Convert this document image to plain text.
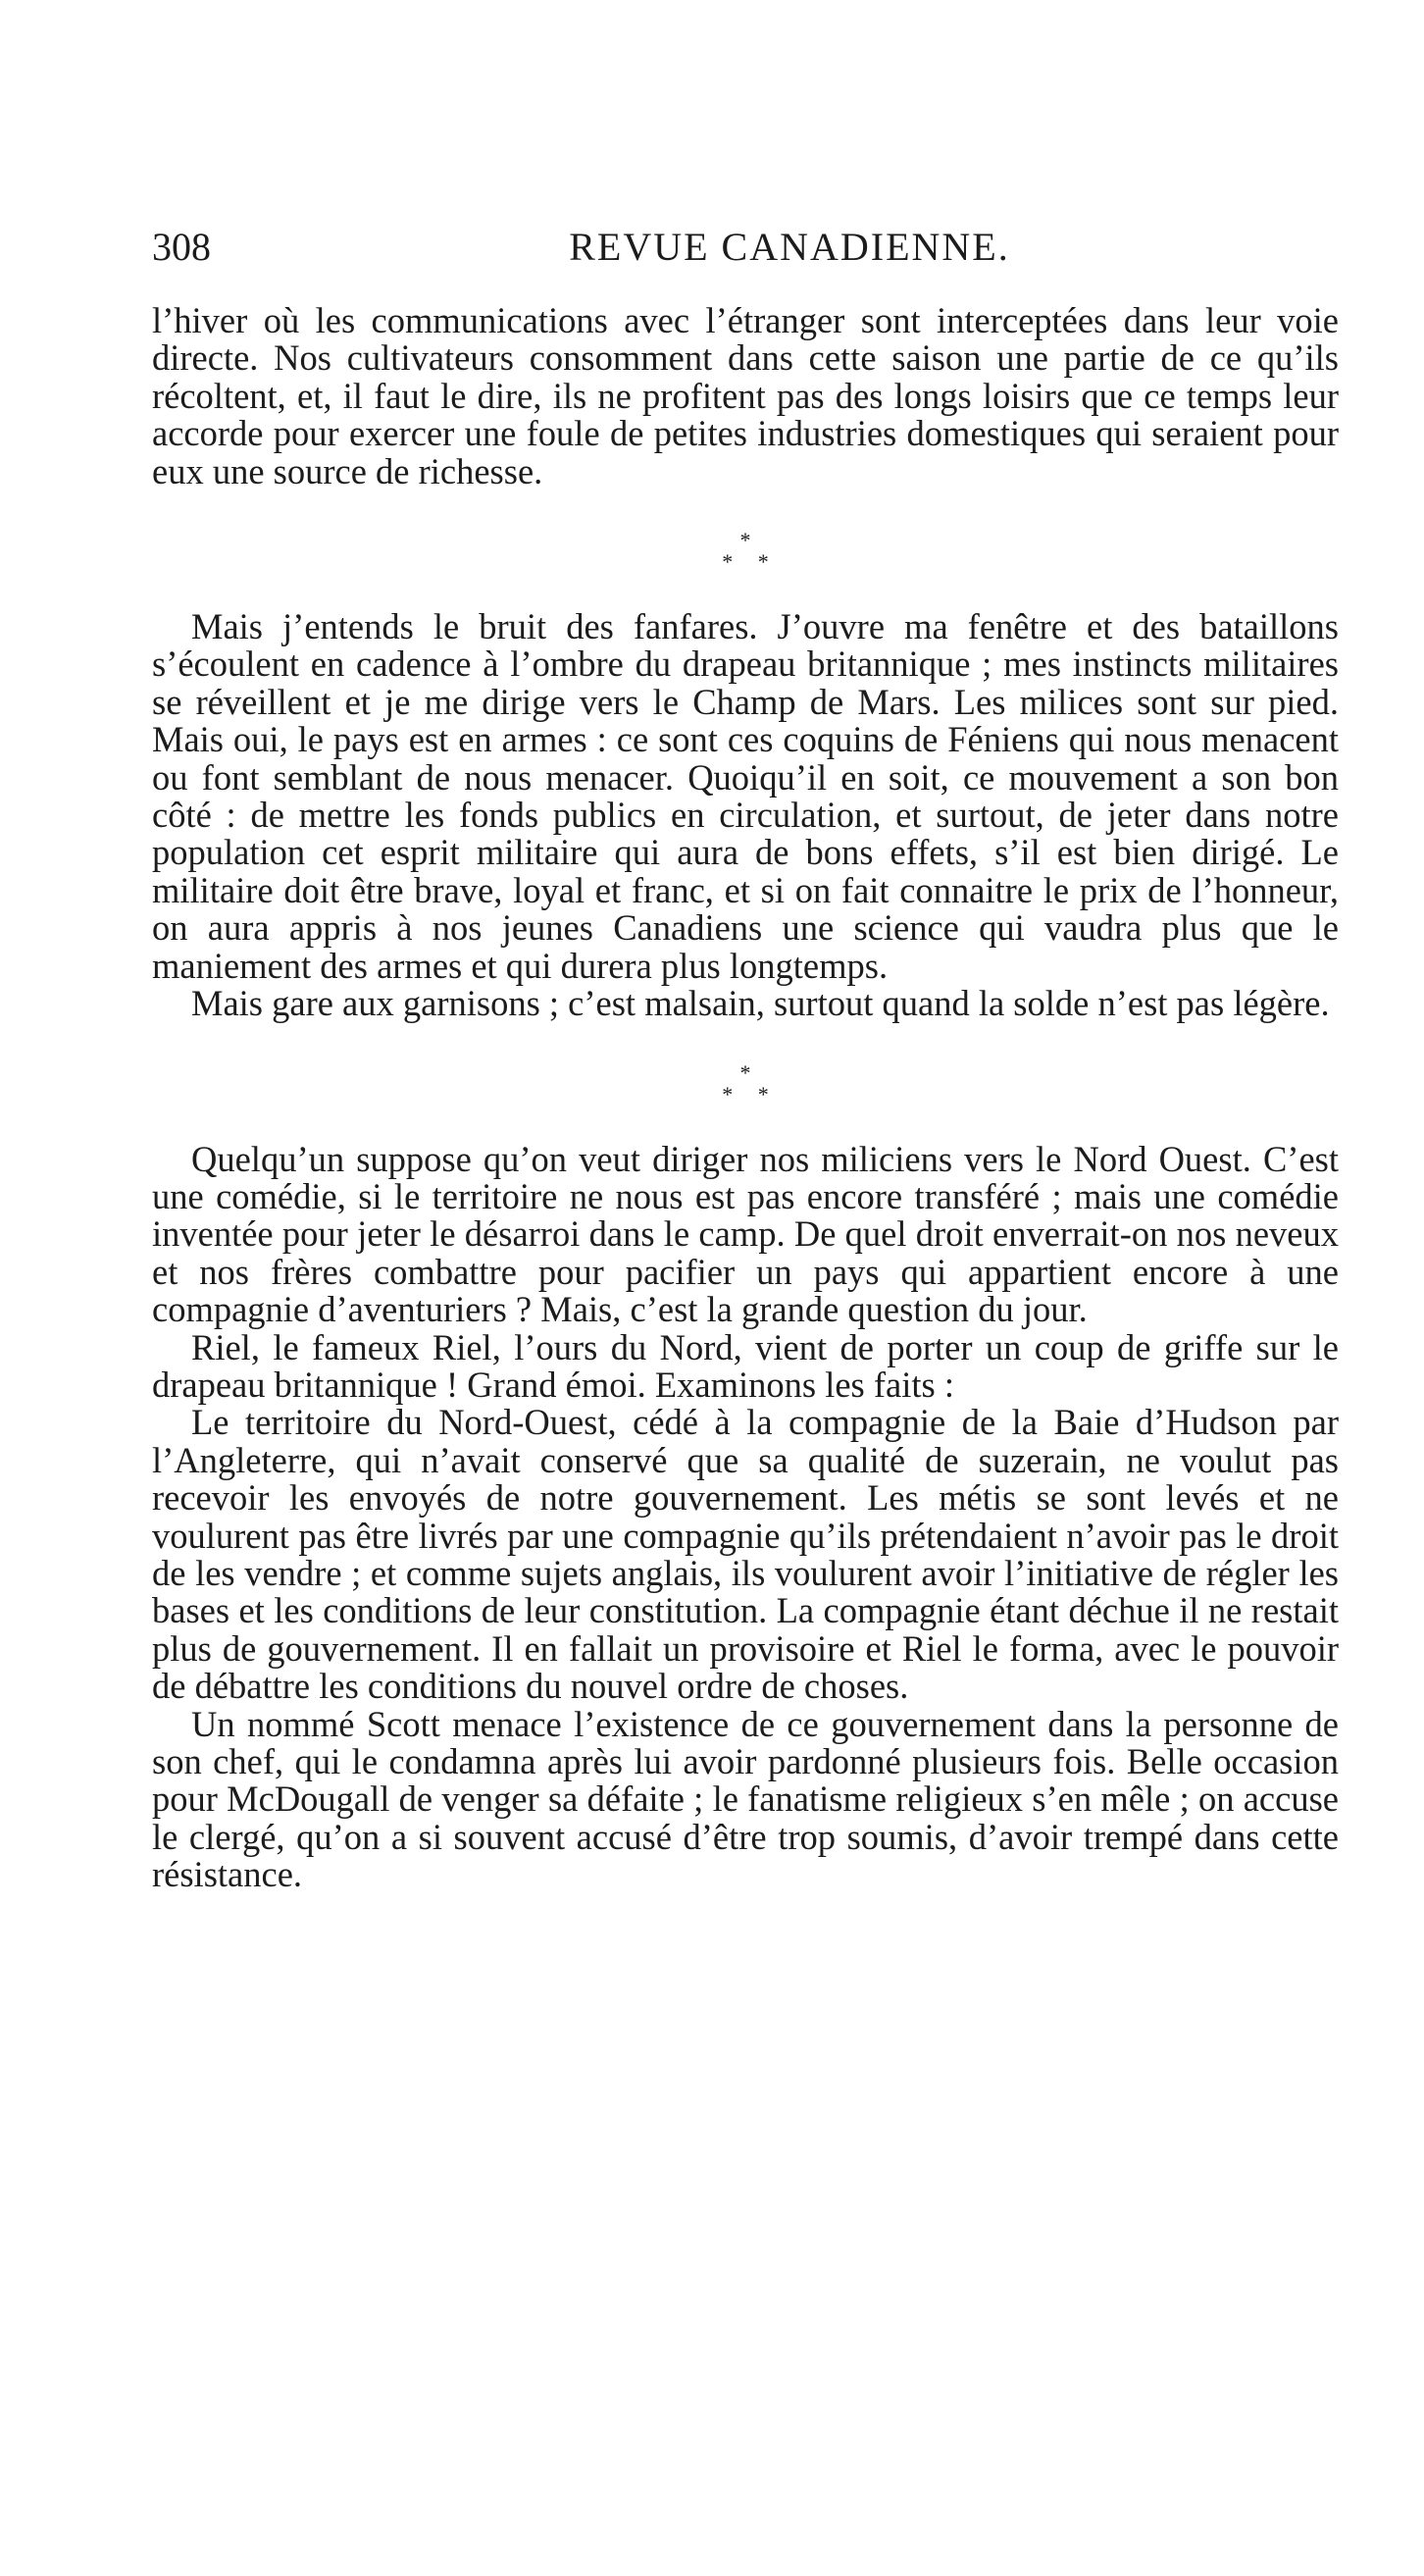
308	REVUE CANADIENNE.

l’hiver où les communications avec l’étranger sont interceptées dans leur voie directe. Nos cultivateurs consomment dans cette saison une partie de ce qu’ils récoltent, et, il faut le dire, ils ne profitent pas des longs loisirs que ce temps leur accorde pour exercer une foule de petites industries domestiques qui seraient pour eux une source de richesse.

*
* *

Mais j’entends le bruit des fanfares. J’ouvre ma fenêtre et des bataillons s’écoulent en cadence à l’ombre du drapeau britannique ; mes instincts militaires se réveillent et je me dirige vers le Champ de Mars. Les milices sont sur pied. Mais oui, le pays est en armes : ce sont ces coquins de Féniens qui nous menacent ou font semblant de nous menacer. Quoiqu’il en soit, ce mouvement a son bon côté : de mettre les fonds publics en circulation, et surtout, de jeter dans notre population cet esprit militaire qui aura de bons effets, s’il est bien dirigé. Le militaire doit être brave, loyal et franc, et si on fait connaitre le prix de l’honneur, on aura appris à nos jeunes Canadiens une science qui vaudra plus que le maniement des armes et qui durera plus longtemps.

Mais gare aux garnisons ; c’est malsain, surtout quand la solde n’est pas légère.

*
* *

Quelqu’un suppose qu’on veut diriger nos miliciens vers le Nord Ouest. C’est une comédie, si le territoire ne nous est pas encore transféré ; mais une comédie inventée pour jeter le désarroi dans le camp. De quel droit enverrait-on nos neveux et nos frères combattre pour pacifier un pays qui appartient encore à une compagnie d’aventuriers ? Mais, c’est la grande question du jour.

Riel, le fameux Riel, l’ours du Nord, vient de porter un coup de griffe sur le drapeau britannique ! Grand émoi. Examinons les faits :

Le territoire du Nord-Ouest, cédé à la compagnie de la Baie d’Hudson par l’Angleterre, qui n’avait conservé que sa qualité de suzerain, ne voulut pas recevoir les envoyés de notre gouvernement. Les métis se sont levés et ne voulurent pas être livrés par une compagnie qu’ils prétendaient n’avoir pas le droit de les vendre ; et comme sujets anglais, ils voulurent avoir l’initiative de régler les bases et les conditions de leur constitution. La compagnie étant déchue il ne restait plus de gouvernement. Il en fallait un provisoire et Riel le forma, avec le pouvoir de débattre les conditions du nouvel ordre de choses.

Un nommé Scott menace l’existence de ce gouvernement dans la personne de son chef, qui le condamna après lui avoir pardonné plusieurs fois. Belle occasion pour McDougall de venger sa défaite ; le fanatisme religieux s’en mêle ; on accuse le clergé, qu’on a si souvent accusé d’être trop soumis, d’avoir trempé dans cette résistance.
